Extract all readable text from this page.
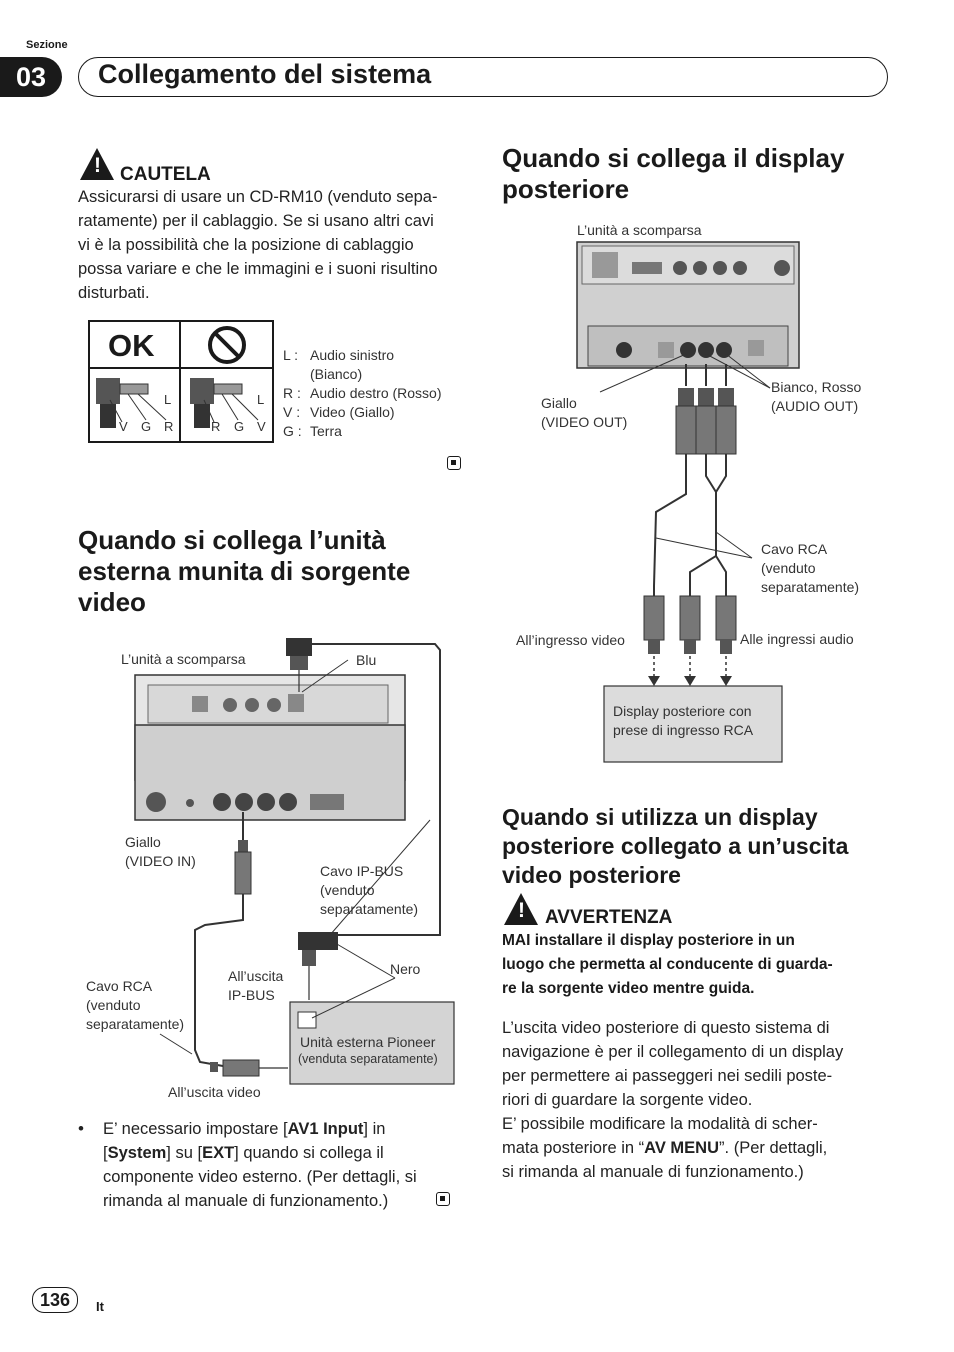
Sezione
03	Collegamento del sistema
! CAUTELA
Assicurarsi di usare un CD-RM10 (venduto sepa-
ratamente) per il cablaggio. Se si usano altri cavi
vi è la possibilità che la posizione di cablaggio
possa variare e che le immagini e i suoni risultino
disturbati.
OK
L
V G R
L
R G V
L : Audio sinistro
(Bianco)
R : Audio destro (Rosso)
V : Video (Giallo)
G : Terra
Quando si collega l’unità
esterna munita di sorgente
video
L’unità a scomparsa	Blu
Giallo
(VIDEO IN)
Cavo IP-BUS
(venduto
separatamente)
Nero
All’uscita
IP-BUS
Cavo RCA
(venduto
separatamente)
Unità esterna Pioneer
(venduta separatamente)
All’uscita video
• E’ necessario impostare [AV1 Input] in
[System] su [EXT] quando si collega il
componente video esterno. (Per dettagli, si
rimanda al manuale di funzionamento.)
Quando si collega il display
posteriore
L’unità a scomparsa
Giallo
(VIDEO OUT)
Bianco, Rosso
(AUDIO OUT)
Cavo RCA
(venduto
separatamente)
All’ingresso video	Alle ingressi audio
Display posteriore con
prese di ingresso RCA
Quando si utilizza un display
posteriore collegato a un’uscita
video posteriore
! AVVERTENZA
MAI installare il display posteriore in un
luogo che permetta al conducente di guarda-
re la sorgente video mentre guida.
L’uscita video posteriore di questo sistema di
navigazione è per il collegamento di un display
per permettere ai passeggeri nei sedili poste-
riori di guardare la sorgente video.
E’ possibile modificare la modalità di scher-
mata posteriore in “AV MENU”. (Per dettagli,
si rimanda al manuale di funzionamento.)
136	It
